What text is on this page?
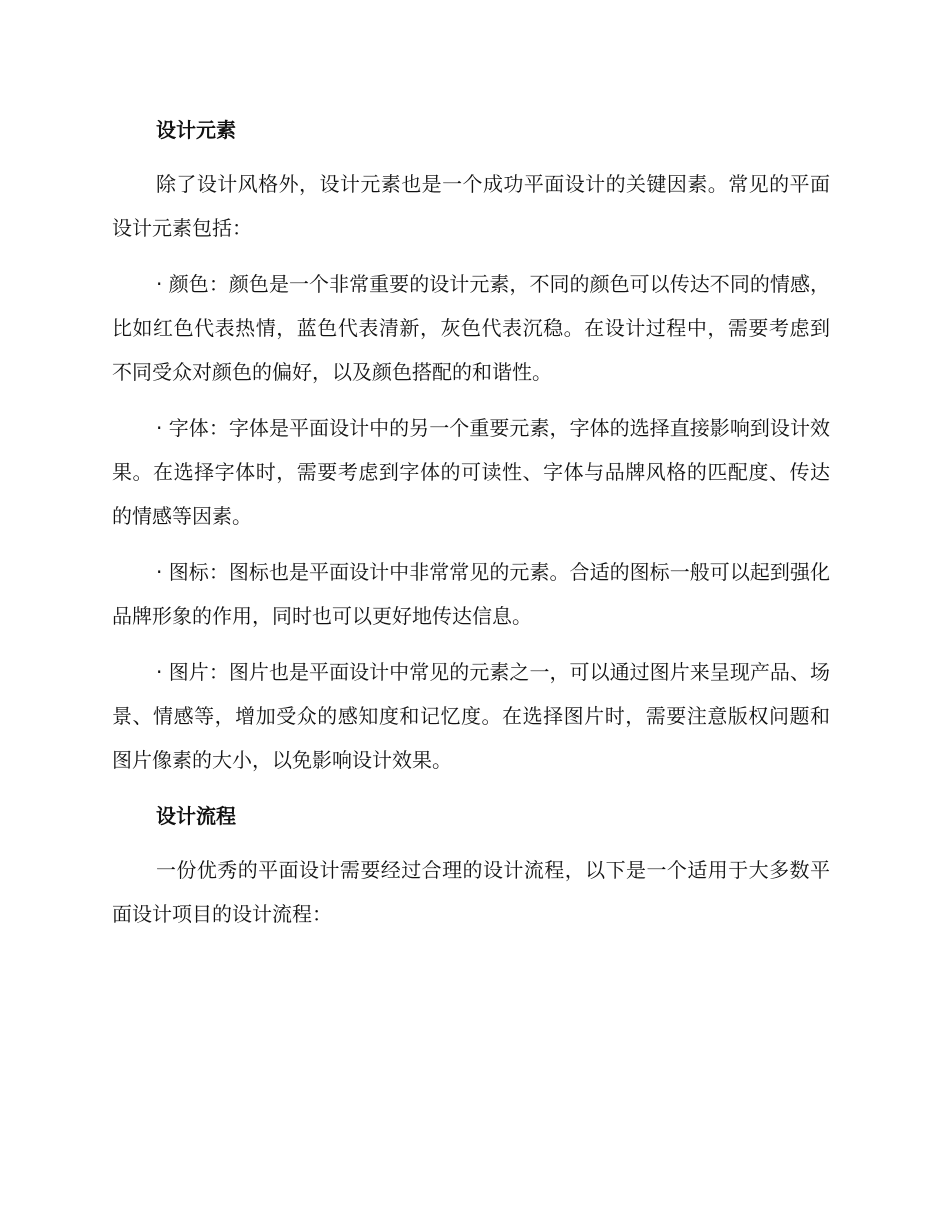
设计元素

除了设计风格外，设计元素也是一个成功平面设计的关键因素。常见的平面设计元素包括：

· 颜色：颜色是一个非常重要的设计元素，不同的颜色可以传达不同的情感，比如红色代表热情，蓝色代表清新，灰色代表沉稳。在设计过程中，需要考虑到不同受众对颜色的偏好，以及颜色搭配的和谐性。

· 字体：字体是平面设计中的另一个重要元素，字体的选择直接影响到设计效果。在选择字体时，需要考虑到字体的可读性、字体与品牌风格的匹配度、传达的情感等因素。

· 图标：图标也是平面设计中非常常见的元素。合适的图标一般可以起到强化品牌形象的作用，同时也可以更好地传达信息。

· 图片：图片也是平面设计中常见的元素之一，可以通过图片来呈现产品、场景、情感等，增加受众的感知度和记忆度。在选择图片时，需要注意版权问题和图片像素的大小，以免影响设计效果。

设计流程

一份优秀的平面设计需要经过合理的设计流程，以下是一个适用于大多数平面设计项目的设计流程：
